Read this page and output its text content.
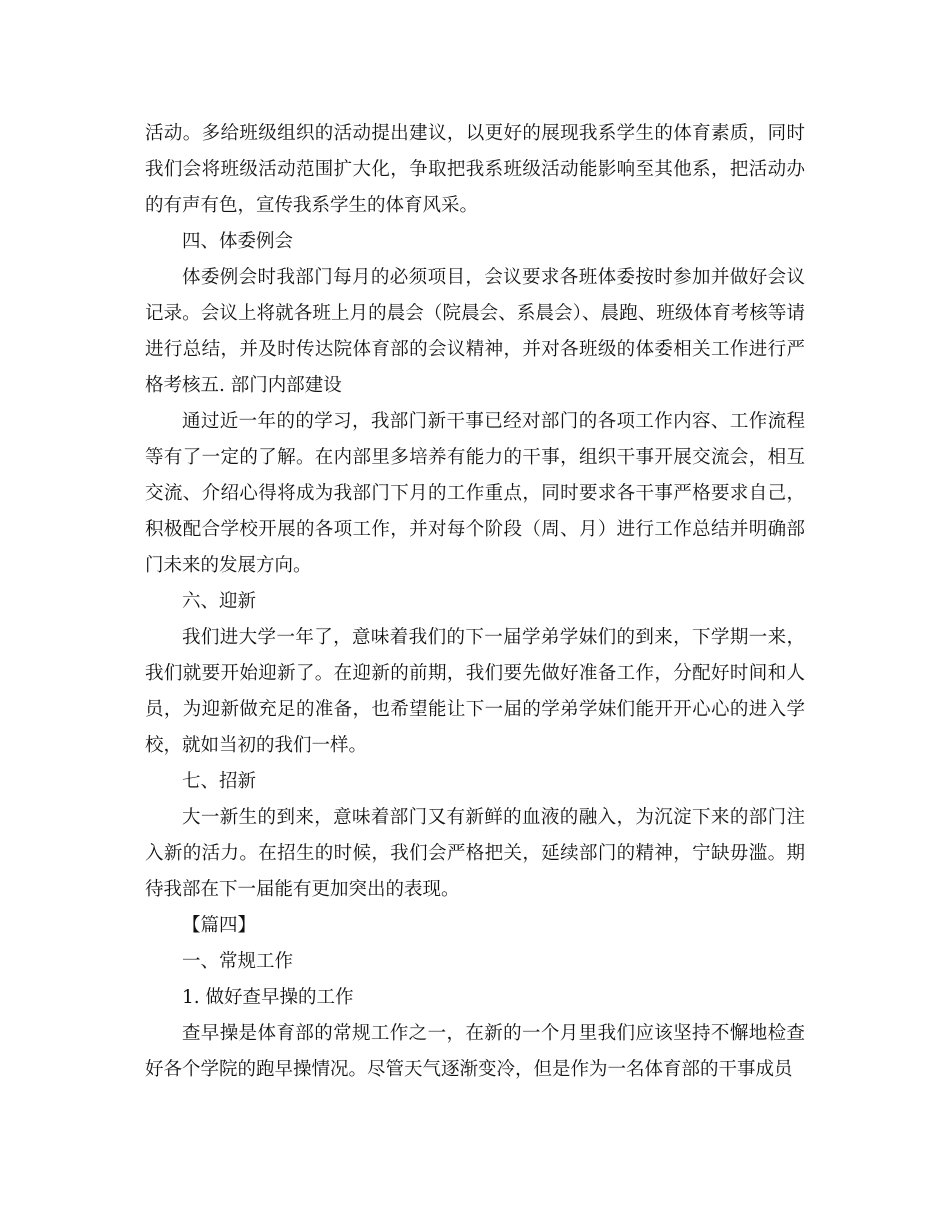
活动。多给班级组织的活动提出建议，以更好的展现我系学生的体育素质，同时我们会将班级活动范围扩大化，争取把我系班级活动能影响至其他系，把活动办的有声有色，宣传我系学生的体育风采。

四、体委例会

体委例会时我部门每月的必须项目，会议要求各班体委按时参加并做好会议记录。会议上将就各班上月的晨会（院晨会、系晨会）、晨跑、班级体育考核等请进行总结，并及时传达院体育部的会议精神，并对各班级的体委相关工作进行严格考核五. 部门内部建设

通过近一年的的学习，我部门新干事已经对部门的各项工作内容、工作流程等有了一定的了解。在内部里多培养有能力的干事，组织干事开展交流会，相互交流、介绍心得将成为我部门下月的工作重点，同时要求各干事严格要求自己，积极配合学校开展的各项工作，并对每个阶段（周、月）进行工作总结并明确部门未来的发展方向。

六、迎新

我们进大学一年了，意味着我们的下一届学弟学妹们的到来，下学期一来，我们就要开始迎新了。在迎新的前期，我们要先做好准备工作，分配好时间和人员，为迎新做充足的准备，也希望能让下一届的学弟学妹们能开开心心的进入学校，就如当初的我们一样。

七、招新

大一新生的到来，意味着部门又有新鲜的血液的融入，为沉淀下来的部门注入新的活力。在招生的时候，我们会严格把关，延续部门的精神，宁缺毋滥。期待我部在下一届能有更加突出的表现。

【篇四】

一、常规工作

1. 做好查早操的工作

查早操是体育部的常规工作之一，在新的一个月里我们应该坚持不懈地检查好各个学院的跑早操情况。尽管天气逐渐变冷，但是作为一名体育部的干事成员
